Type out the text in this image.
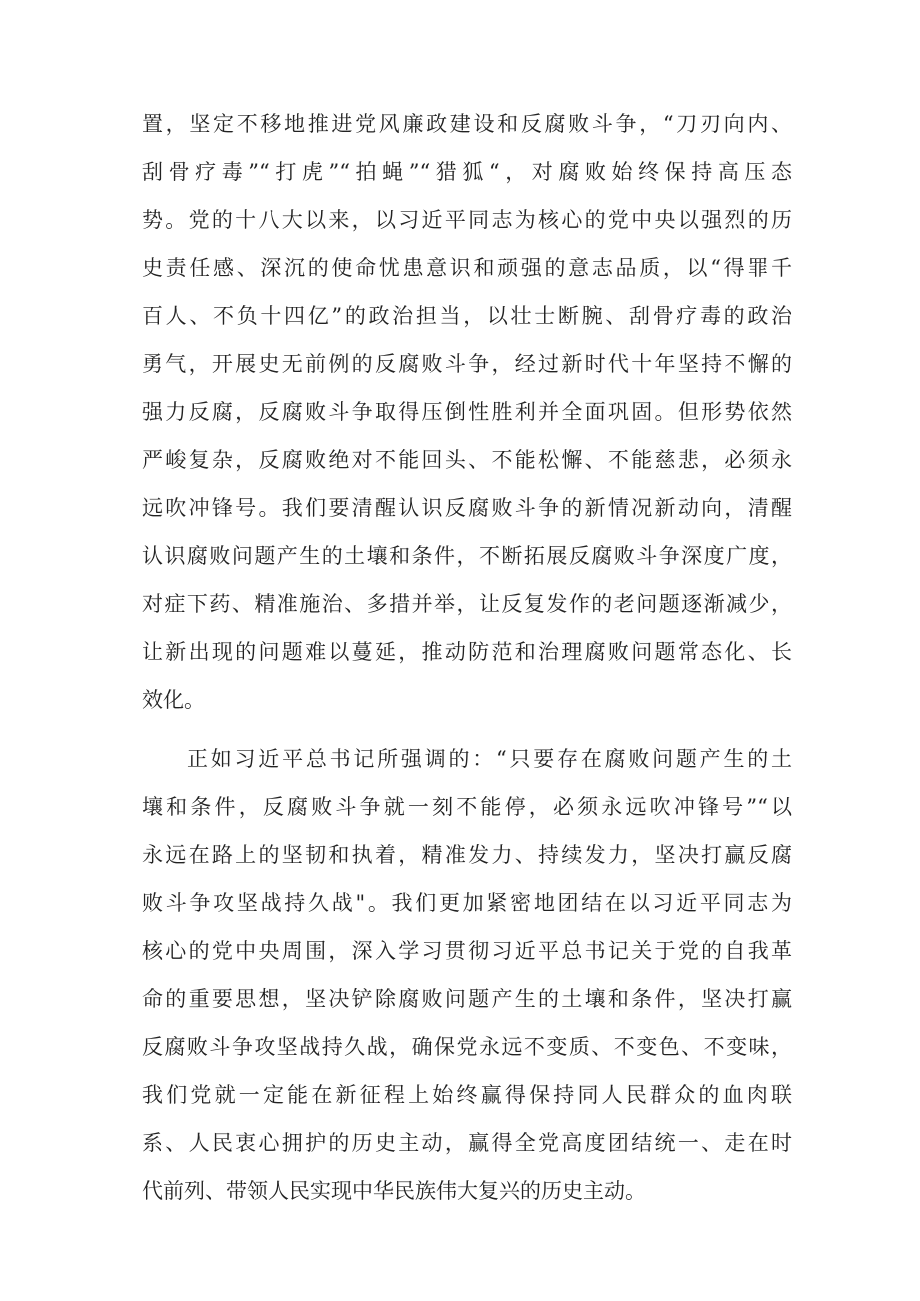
置，坚定不移地推进党风廉政建设和反腐败斗争，“刀刃向内、
刮骨疗毒”“打虎”“拍蝇”“猎狐“，对腐败始终保持高压态
势。党的十八大以来，以习近平同志为核心的党中央以强烈的历
史责任感、深沉的使命忧患意识和顽强的意志品质，以“得罪千
百人、不负十四亿”的政治担当，以壮士断腕、刮骨疗毒的政治
勇气，开展史无前例的反腐败斗争，经过新时代十年坚持不懈的
强力反腐，反腐败斗争取得压倒性胜利并全面巩固。但形势依然
严峻复杂，反腐败绝对不能回头、不能松懈、不能慈悲，必须永
远吹冲锋号。我们要清醒认识反腐败斗争的新情况新动向，清醒
认识腐败问题产生的土壤和条件，不断拓展反腐败斗争深度广度，
对症下药、精准施治、多措并举，让反复发作的老问题逐渐减少，
让新出现的问题难以蔓延，推动防范和治理腐败问题常态化、长
效化。
正如习近平总书记所强调的：“只要存在腐败问题产生的土
壤和条件，反腐败斗争就一刻不能停，必须永远吹冲锋号”“以
永远在路上的坚韧和执着，精准发力、持续发力，坚决打赢反腐
败斗争攻坚战持久战"。我们更加紧密地团结在以习近平同志为
核心的党中央周围，深入学习贯彻习近平总书记关于党的自我革
命的重要思想，坚决铲除腐败问题产生的土壤和条件，坚决打赢
反腐败斗争攻坚战持久战，确保党永远不变质、不变色、不变味，
我们党就一定能在新征程上始终赢得保持同人民群众的血肉联
系、人民衷心拥护的历史主动，赢得全党高度团结统一、走在时
代前列、带领人民实现中华民族伟大复兴的历史主动。
